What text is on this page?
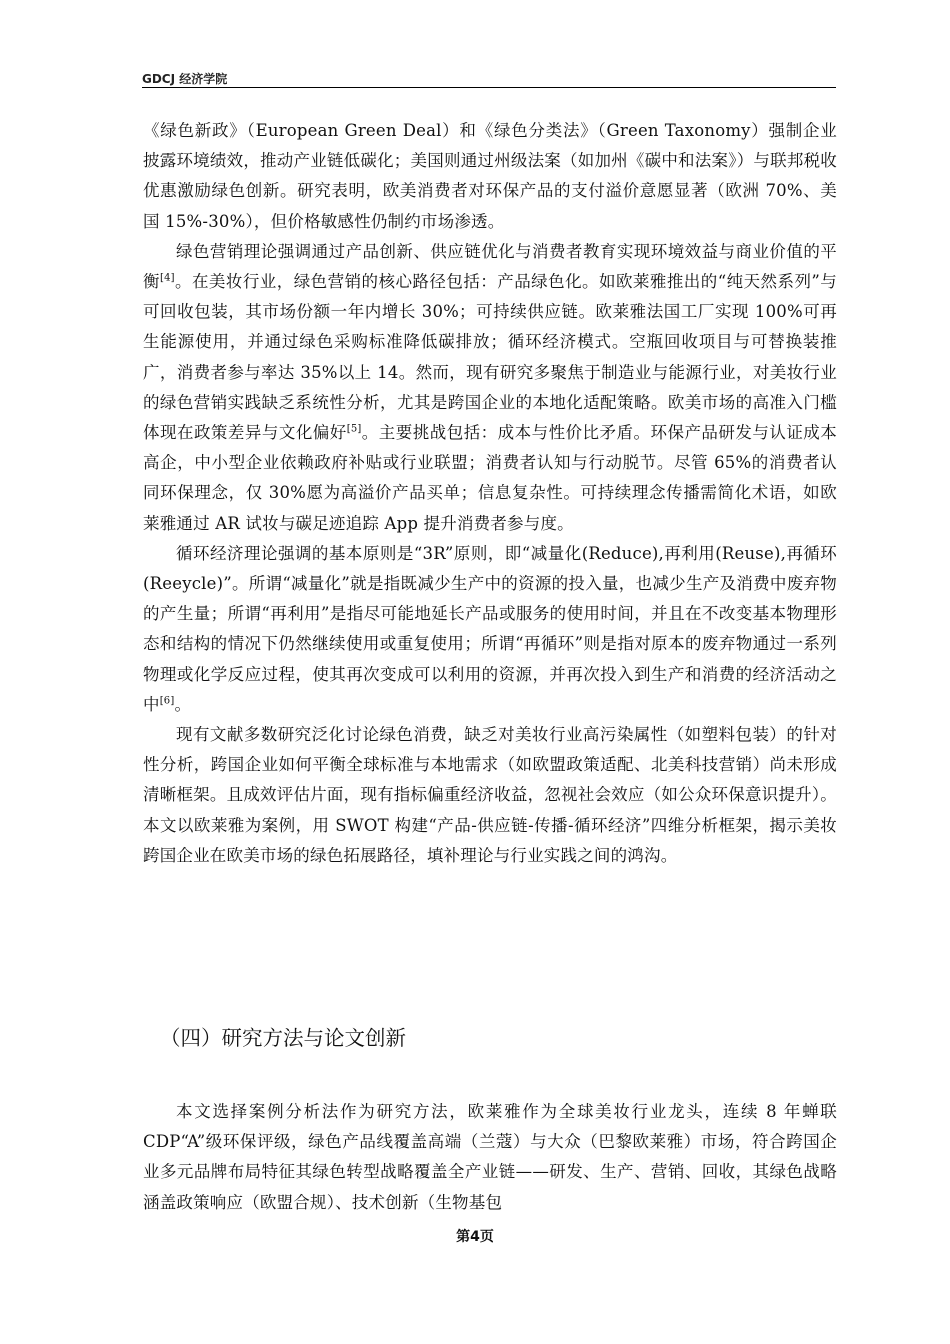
GDCJ 经济学院

《绿色新政》（European Green Deal）和《绿色分类法》（Green Taxonomy）强制企业披露环境绩效，推动产业链低碳化；美国则通过州级法案（如加州《碳中和法案》）与联邦税收优惠激励绿色创新。研究表明，欧美消费者对环保产品的支付溢价意愿显著（欧洲 70%、美国 15%-30%），但价格敏感性仍制约市场渗透。

绿色营销理论强调通过产品创新、供应链优化与消费者教育实现环境效益与商业价值的平衡[4]。在美妆行业，绿色营销的核心路径包括：产品绿色化。如欧莱雅推出的“纯天然系列”与可回收包装，其市场份额一年内增长 30%；可持续供应链。欧莱雅法国工厂实现 100%可再生能源使用，并通过绿色采购标准降低碳排放；循环经济模式。空瓶回收项目与可替换装推广，消费者参与率达 35%以上 14。然而，现有研究多聚焦于制造业与能源行业，对美妆行业的绿色营销实践缺乏系统性分析，尤其是跨国企业的本地化适配策略。欧美市场的高准入门槛体现在政策差异与文化偏好[5]。主要挑战包括：成本与性价比矛盾。环保产品研发与认证成本高企，中小型企业依赖政府补贴或行业联盟；消费者认知与行动脱节。尽管 65%的消费者认同环保理念，仅 30%愿为高溢价产品买单；信息复杂性。可持续理念传播需简化术语，如欧莱雅通过 AR 试妆与碳足迹追踪 App 提升消费者参与度。

循环经济理论强调的基本原则是“3R”原则，即“减量化(Reduce),再利用(Reuse),再循环(Reeycle)”。所谓“减量化”就是指既减少生产中的资源的投入量，也减少生产及消费中废弃物的产生量；所谓“再利用”是指尽可能地延长产品或服务的使用时间，并且在不改变基本物理形态和结构的情况下仍然继续使用或重复使用；所谓“再循环”则是指对原本的废弃物通过一系列物理或化学反应过程，使其再次变成可以利用的资源，并再次投入到生产和消费的经济活动之中[6]。

现有文献多数研究泛化讨论绿色消费，缺乏对美妆行业高污染属性（如塑料包装）的针对性分析，跨国企业如何平衡全球标准与本地需求（如欧盟政策适配、北美科技营销）尚未形成清晰框架。且成效评估片面，现有指标偏重经济收益，忽视社会效应（如公众环保意识提升）。本文以欧莱雅为案例，用 SWOT 构建“产品-供应链-传播-循环经济”四维分析框架，揭示美妆跨国企业在欧美市场的绿色拓展路径，填补理论与行业实践之间的鸿沟。

（四）研究方法与论文创新

本文选择案例分析法作为研究方法，欧莱雅作为全球美妆行业龙头，连续 8 年蝉联 CDP“A”级环保评级，绿色产品线覆盖高端（兰蔻）与大众（巴黎欧莱雅）市场，符合跨国企业多元品牌布局特征其绿色转型战略覆盖全产业链——研发、生产、营销、回收，其绿色战略涵盖政策响应（欧盟合规）、技术创新（生物基包

第4页
